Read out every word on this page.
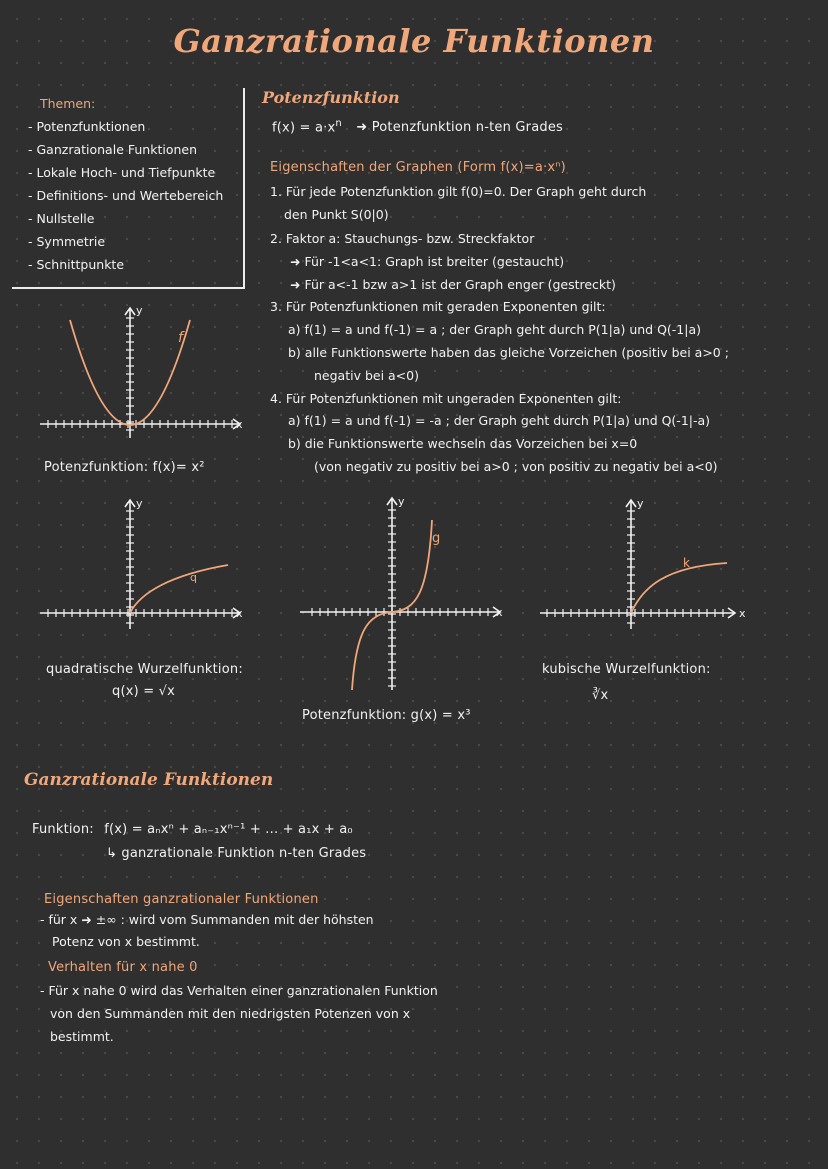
Ganzrationale Funktionen
Themen:
- Potenzfunktionen
- Ganzrationale Funktionen
- Lokale Hoch- und Tiefpunkte
- Definitions- und Wertebereich
- Nullstelle
- Symmetrie
- Schnittpunkte
Potenzfunktion
$f(x) = a\cdot x^n$ ➜ Potenzfunktion n-ten Grades
Eigenschaften der Graphen (Form f(x)=a·xⁿ)
1. Für jede Potenzfunktion gilt f(0)=0. Der Graph geht durch
den Punkt S(0|0)
2. Faktor a: Stauchungs- bzw. Streckfaktor
➜ Für -1<a<1: Graph ist breiter (gestaucht)
➜ Für a<-1 bzw a>1 ist der Graph enger (gestreckt)
3. Für Potenzfunktionen mit geraden Exponenten gilt:
a) f(1) = a und f(-1) = a ; der Graph geht durch P(1|a) und Q(-1|a)
b) alle Funktionswerte haben das gleiche Vorzeichen (positiv bei a>0 ;
negativ bei a<0)
4. Für Potenzfunktionen mit ungeraden Exponenten gilt:
a) f(1) = a und f(-1) = -a ; der Graph geht durch P(1|a) und Q(-1|-a)
b) die Funktionswerte wechseln das Vorzeichen bei x=0
(von negativ zu positiv bei a>0 ; von positiv zu negativ bei a<0)
f
x
y
Potenzfunktion: f(x)= x²
q
x
y
quadratische Wurzelfunktion:
q(x) = √x
g
x
y
Potenzfunktion: g(x) = x³
k
x
y
kubische Wurzelfunktion:
∛x
Ganzrationale Funktionen
Funktion: f(x) = aₙxⁿ + aₙ₋₁xⁿ⁻¹ + ... + a₁x + a₀
↳ ganzrationale Funktion n-ten Grades
Eigenschaften ganzrationaler Funktionen
- für x ➜ ±∞ : wird vom Summanden mit der höhsten
Potenz von x bestimmt.
Verhalten für x nahe 0
- Für x nahe 0 wird das Verhalten einer ganzrationalen Funktion
von den Summanden mit den niedrigsten Potenzen von x
bestimmt.
